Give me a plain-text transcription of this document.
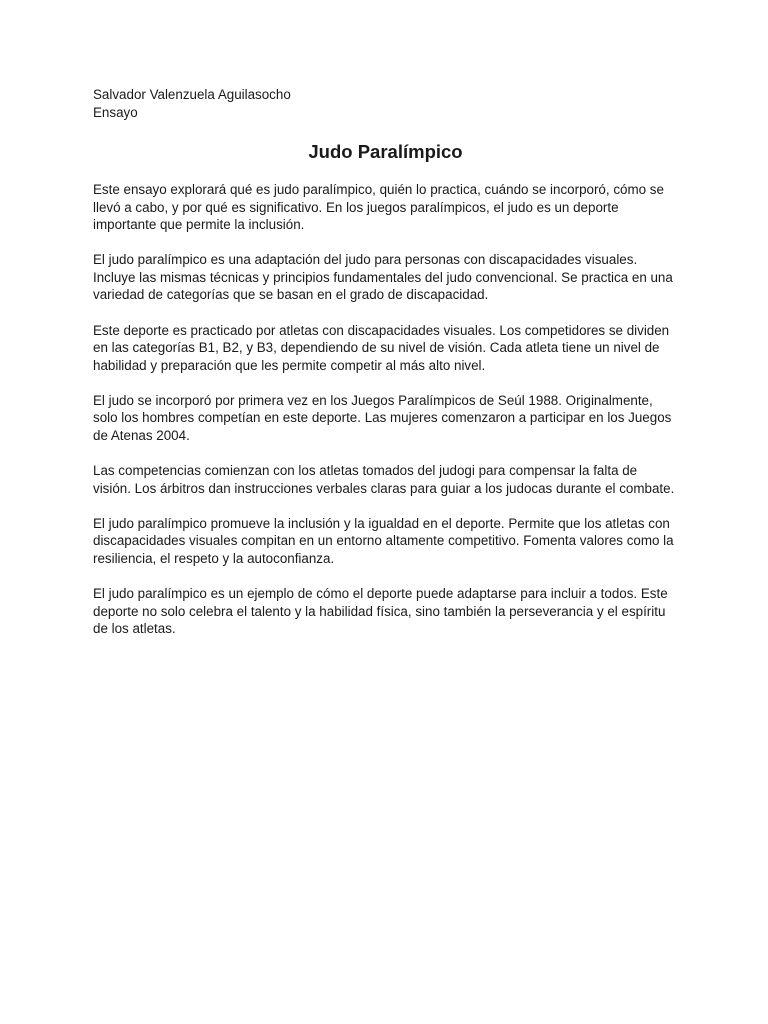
Salvador Valenzuela Aguilasocho

Ensayo

Judo Paralímpico

Este ensayo explorará qué es judo paralímpico, quién lo practica, cuándo se incorporó, cómo se llevó a cabo, y por qué es significativo. En los juegos paralímpicos, el judo es un deporte importante que permite la inclusión.

El judo paralímpico es una adaptación del judo para personas con discapacidades visuales. Incluye las mismas técnicas y principios fundamentales del judo convencional. Se practica en una variedad de categorías que se basan en el grado de discapacidad.

Este deporte es practicado por atletas con discapacidades visuales. Los competidores se dividen en las categorías B1, B2, y B3, dependiendo de su nivel de visión. Cada atleta tiene un nivel de habilidad y preparación que les permite competir al más alto nivel.

El judo se incorporó por primera vez en los Juegos Paralímpicos de Seúl 1988. Originalmente, solo los hombres competían en este deporte. Las mujeres comenzaron a participar en los Juegos de Atenas 2004.

Las competencias comienzan con los atletas tomados del judogi para compensar la falta de visión. Los árbitros dan instrucciones verbales claras para guiar a los judocas durante el combate.

El judo paralímpico promueve la inclusión y la igualdad en el deporte. Permite que los atletas con discapacidades visuales compitan en un entorno altamente competitivo. Fomenta valores como la resiliencia, el respeto y la autoconfianza.

El judo paralímpico es un ejemplo de cómo el deporte puede adaptarse para incluir a todos. Este deporte no solo celebra el talento y la habilidad física, sino también la perseverancia y el espíritu de los atletas.
